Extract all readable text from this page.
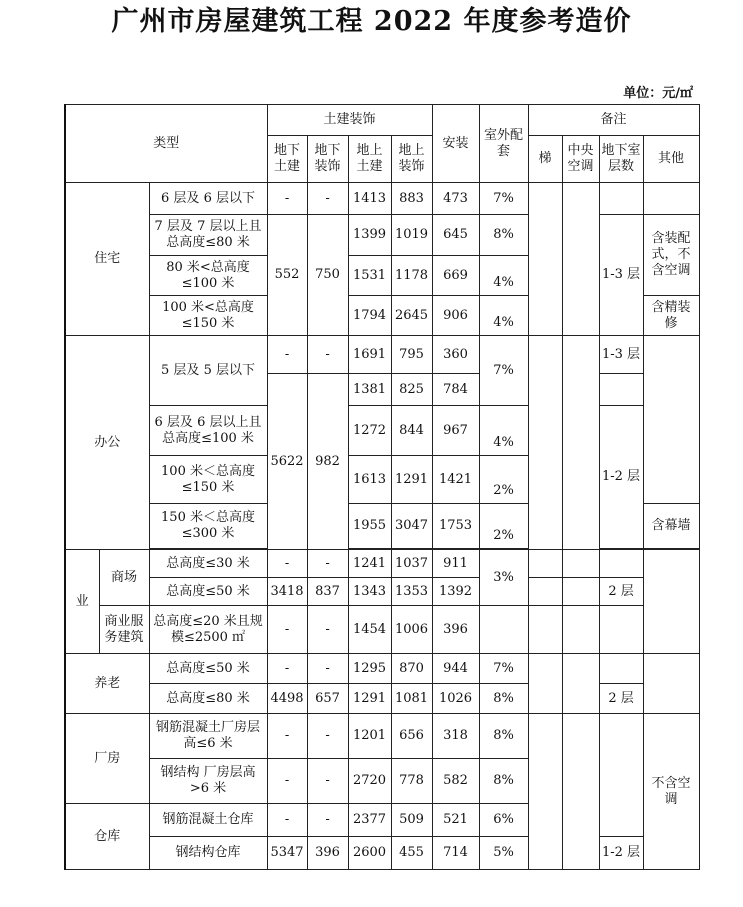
广州市房屋建筑工程 2022 年度参考造价
单位：元/㎡
类型			土建装饰				安装	室外配套	备注			
			地下土建	地下装饰	地上土建	地上装饰			梯	中央空调	地下室层数	其他
住宅		6 层及 6 层以下	-	-	1413	883	473	7%				
		7 层及 7 层以上且总高度≤80 米	552	750	1399	1019	645	8%			1-3 层	含装配式，不含空调
		80 米<总高度≤100 米			1531	1178	669	4%				
		100 米<总高度≤150 米			1794	2645	906	4%				含精装修
办公		5 层及 5 层以下	-	-	1691	795	360	7%			1-3 层	
			5622	982	1381	825	784					
		6 层及 6 层以上且总高度≤100 米			1272	844	967	4%			1-2 层	
		100 米＜总高度≤150 米			1613	1291	1421	2%				
		150 米＜总高度≤300 米			1955	3047	1753	2%				含幕墙

业	商场	总高度≤30 米	-	-	1241	1037	911	3%				
		总高度≤50 米	3418	837	1343	1353	1392				2 层	
	商业服务建筑	总高度≤20 米且规模≤2500 ㎡	-	-	1454	1006	396					
养老		总高度≤50 米	-	-	1295	870	944	7%				
		总高度≤80 米	4498	657	1291	1081	1026	8%			2 层	
厂房		钢筋混凝土厂房层高≤6 米	-	-	1201	656	318	8%				不含空调
		钢结构 厂房层高>6 米	-	-	2720	778	582	8%				
仓库		钢筋混凝土仓库	-	-	2377	509	521	6%				
		钢结构仓库	5347	396	2600	455	714	5%			1-2 层	
